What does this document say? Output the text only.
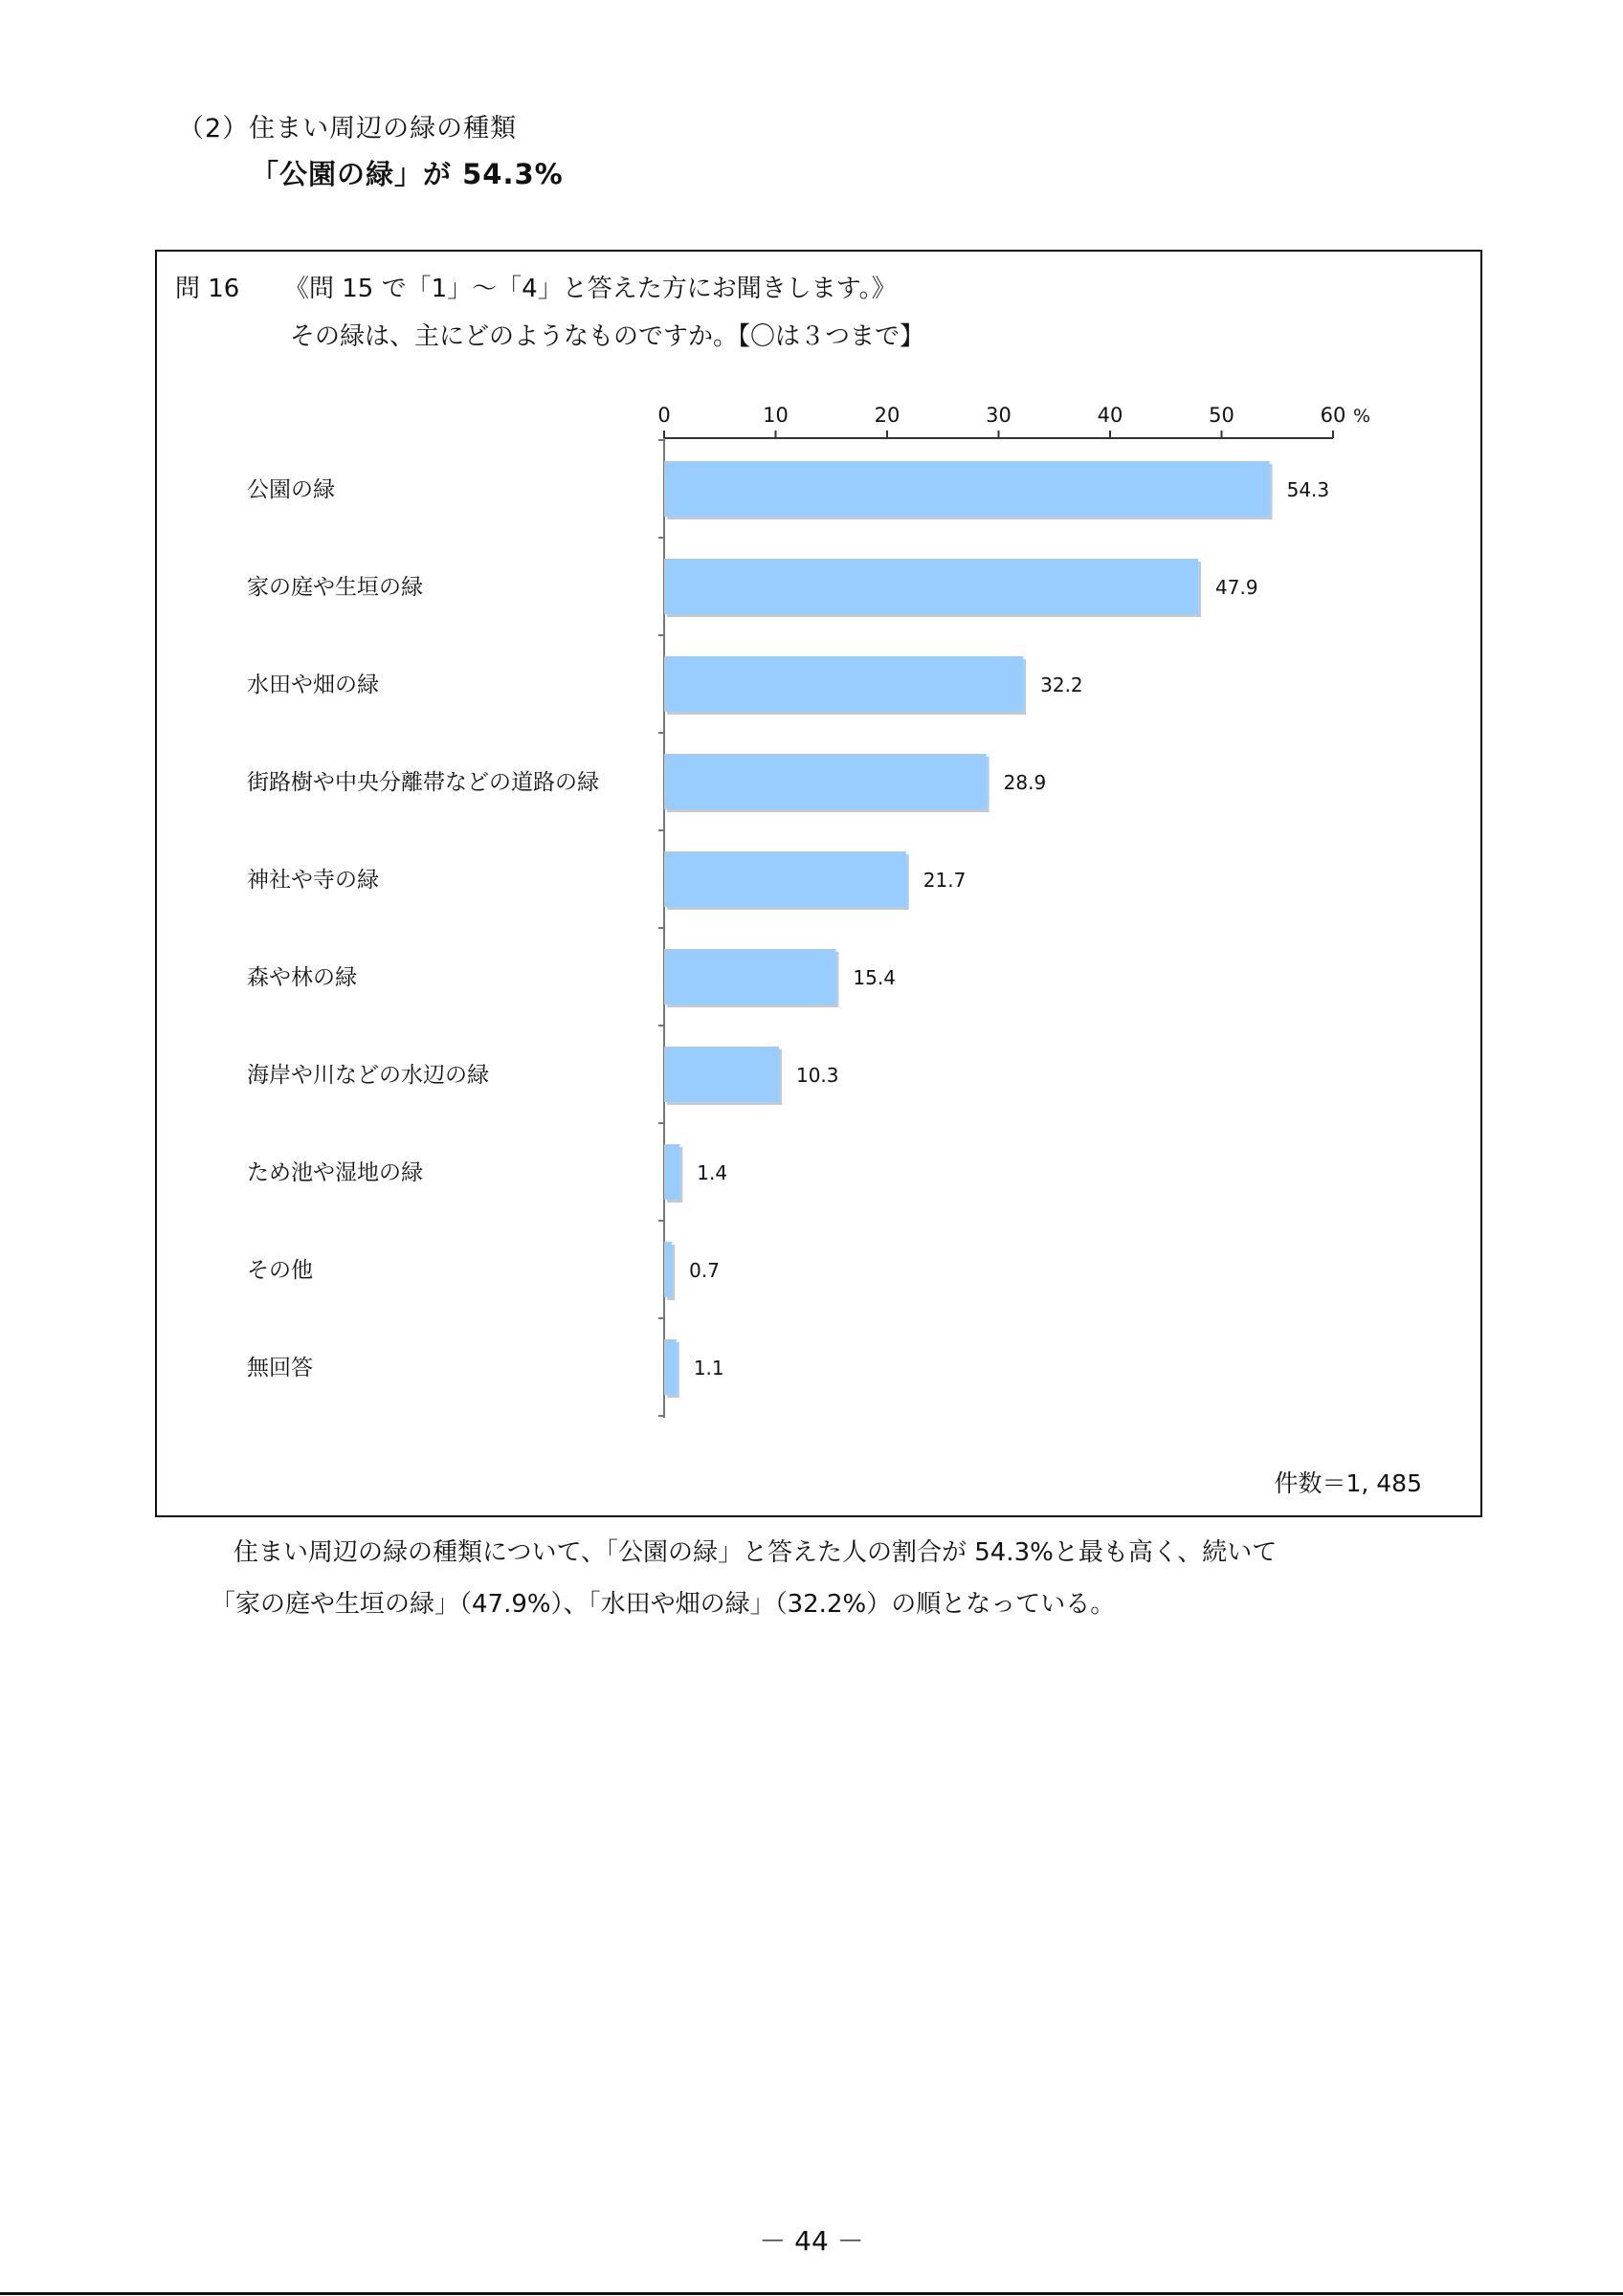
（2）住まい周辺の緑の種類
「公園の緑」が 54.3%
問 16 《問 15 で「1」～「4」と答えた方にお聞きします。》
その緑は、主にどのようなものですか。【〇は３つまで】
0	10	20	30	40	50	60 %
54.3
公園の緑
47.9
家の庭や生垣の緑
32.2
水田や畑の緑
28.9
街路樹や中央分離帯などの道路の緑
21.7
神社や寺の緑
15.4
森や林の緑
10.3
海岸や川などの水辺の緑
1.4
ため池や湿地の緑
0.7
その他
1.1
無回答
件数＝1, 485

住まい周辺の緑の種類について、「公園の緑」と答えた人の割合が 54.3%と最も高く、続いて

「家の庭や生垣の緑」（47.9%）、「水田や畑の緑」（32.2%）の順となっている。

－ 44 －
